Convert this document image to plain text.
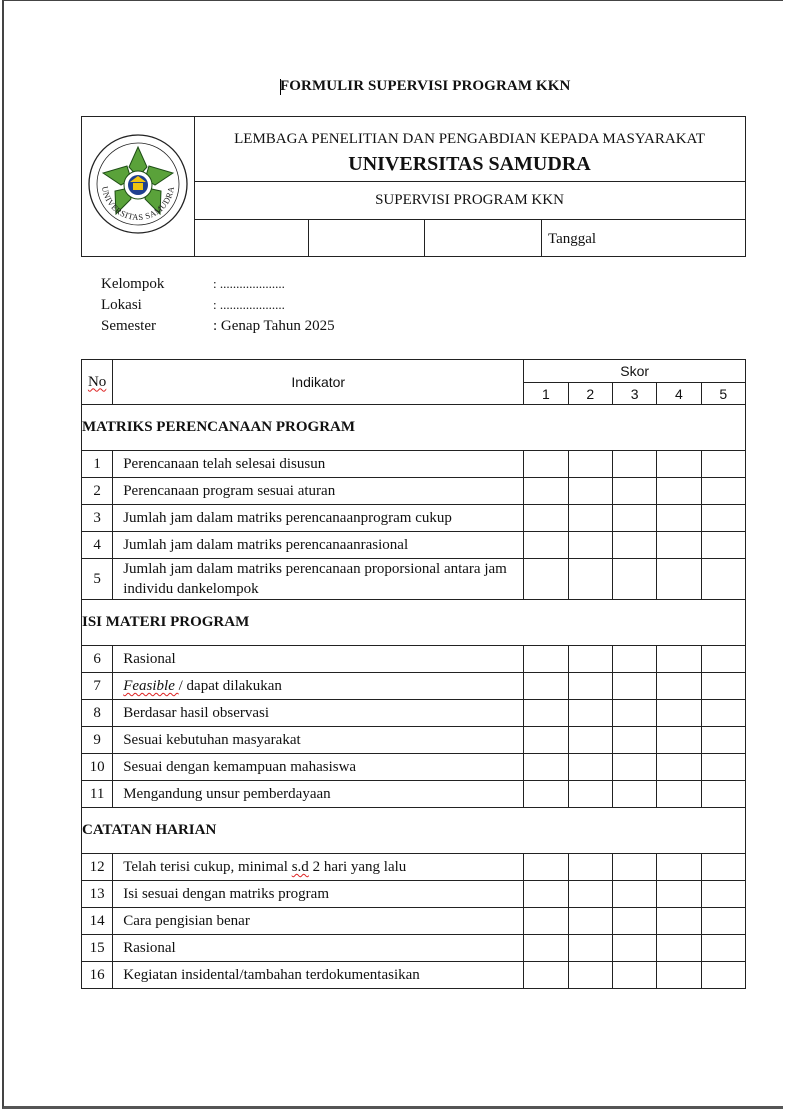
FORMULIR SUPERVISI PROGRAM KKN
UNIVERSITAS SAMUDRA
LEMBAGA PENELITIAN DAN PENGABDIAN KEPADA MASYARAKAT
UNIVERSITAS SAMUDRA
SUPERVISI PROGRAM KKN
Tanggal
Kelompok	: ....................
Lokasi	: ....................
Semester	: Genap Tahun 2025
No	Indikator	Skor				
		1	2	3	4	5
MATRIKS PERENCANAAN PROGRAM						
1	Perencanaan telah selesai disusun					

2	Perencanaan program sesuai aturan					

3	Jumlah jam dalam matriks perencanaanprogram cukup					

4	Jumlah jam dalam matriks perencanaanrasional					

5	Jumlah jam dalam matriks perencanaan proporsional antara jam individu dankelompok					

ISI MATERI PROGRAM						
6	Rasional					

7	Feasible / dapat dilakukan					

8	Berdasar hasil observasi					

9	Sesuai kebutuhan masyarakat					

10	Sesuai dengan kemampuan mahasiswa					

11	Mengandung unsur pemberdayaan					

CATATAN HARIAN						
12	Telah terisi cukup, minimal s.d 2 hari yang lalu					

13	Isi sesuai dengan matriks program					

14	Cara pengisian benar					

15	Rasional					

16	Kegiatan insidental/tambahan terdokumentasikan					
